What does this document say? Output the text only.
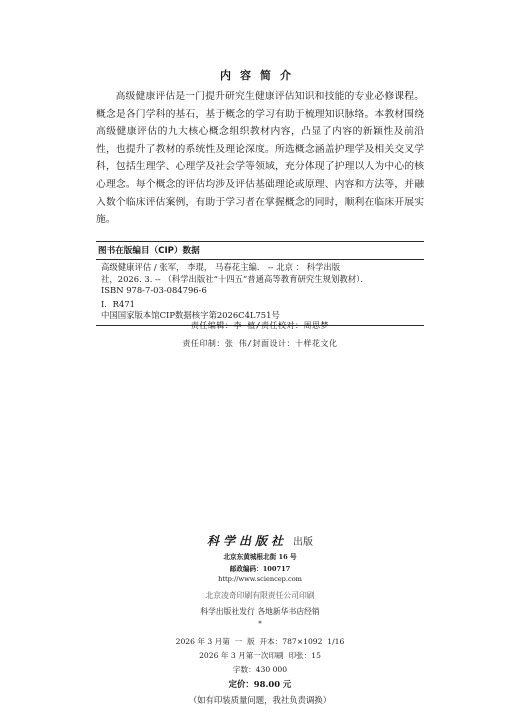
内容简介

高级健康评估是一门提升研究生健康评估知识和技能的专业必修课程。概念是各门学科的基石，基于概念的学习有助于梳理知识脉络。本教材围绕高级健康评估的九大核心概念组织教材内容，凸显了内容的新颖性及前沿性，也提升了教材的系统性及理论深度。所选概念涵盖护理学及相关交叉学科，包括生理学、心理学及社会学等领域，充分体现了护理以人为中心的核心理念。每个概念的评估均涉及评估基础理论或原理、内容和方法等，并融入数个临床评估案例，有助于学习者在掌握概念的同时，顺利在临床开展实施。

图书在版编目（CIP）数据
高级健康评估 / 张军， 李琨， 马春花主编． -- 北京 ： 科学出版
社，2026. 3. -- （科学出版社“十四五”普通高等教育研究生规划教材）．
ISBN 978-7-03-084796-6
Ⅰ．R471
中国国家版本馆CIP数据核字第2026C4L751号
责任编辑：李 植/责任校对：周思梦
责任印制：张 伟/封面设计：十样花文化
科学出版社 出版
北京东黄城根北街 16 号
邮政编码：100717
http://www.sciencep.com
北京凌奇印刷有限责任公司印刷
科学出版社发行 各地新华书店经销
*
2026 年 3 月第  一  版  开本：787×1092  1/16
2026 年 3 月第一次印刷  印张：15
字数：430 000
定价：98.00 元
（如有印装质量问题，我社负责调换）
